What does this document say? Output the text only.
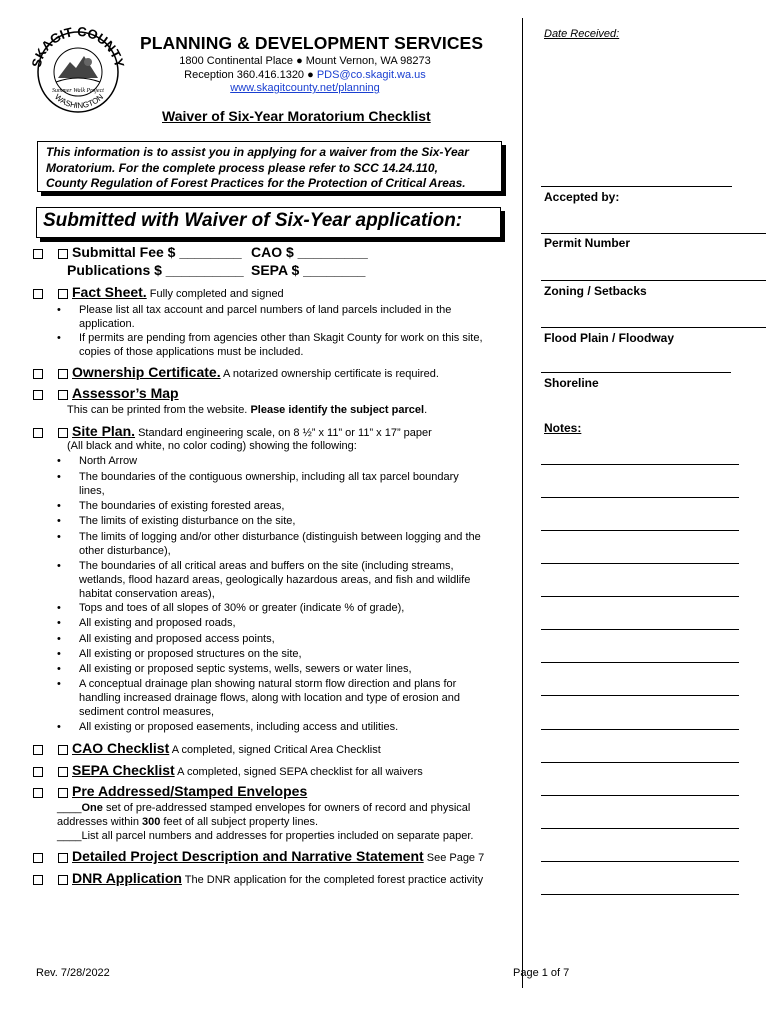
SKAGIT COUNTY
WASHINGTON
Summer Walk Project
PLANNING & DEVELOPMENT SERVICES
1800 Continental Place ● Mount Vernon, WA 98273
Reception 360.416.1320 ● PDS@co.skagit.wa.us
www.skagitcounty.net/planning
Waiver of Six-Year Moratorium Checklist
This information is to assist you in applying for a waiver from the Six-Year
Moratorium. For the complete process please refer to SCC 14.24.110,
County Regulation of Forest Practices for the Protection of Critical Areas.
Submitted with Waiver of Six-Year application:
Submittal Fee $ ________ CAO $ _________
Publications $ __________ SEPA $ ________
Fact Sheet. Fully completed and signed
• Please list all tax account and parcel numbers of land parcels included in the
application.
• If permits are pending from agencies other than Skagit County for work on this site,
copies of those applications must be included.
Ownership Certificate. A notarized ownership certificate is required.
Assessor’s Map
This can be printed from the website. Please identify the subject parcel.
Site Plan. Standard engineering scale, on 8 ½” x 11” or 11” x 17” paper
(All black and white, no color coding) showing the following:
• North Arrow
• The boundaries of the contiguous ownership, including all tax parcel boundary
lines,
• The boundaries of existing forested areas,
• The limits of existing disturbance on the site,
• The limits of logging and/or other disturbance (distinguish between logging and the
other disturbance),
• The boundaries of all critical areas and buffers on the site (including streams,
wetlands, flood hazard areas, geologically hazardous areas, and fish and wildlife
habitat conservation areas),
• Tops and toes of all slopes of 30% or greater (indicate % of grade),
• All existing and proposed roads,
• All existing and proposed access points,
• All existing or proposed structures on the site,
• All existing or proposed septic systems, wells, sewers or water lines,
• A conceptual drainage plan showing natural storm flow direction and plans for
handling increased drainage flows, along with location and type of erosion and
sediment control measures,
• All existing or proposed easements, including access and utilities.
CAO Checklist A completed, signed Critical Area Checklist
SEPA Checklist A completed, signed SEPA checklist for all waivers
Pre Addressed/Stamped Envelopes
____One set of pre-addressed stamped envelopes for owners of record and physical
addresses within 300 feet of all subject property lines.
____List all parcel numbers and addresses for properties included on separate paper.
Detailed Project Description and Narrative Statement See Page 7
DNR Application The DNR application for the completed forest practice activity
Date Received:
Accepted by:
Permit Number
Zoning / Setbacks
Flood Plain / Floodway
Shoreline
Notes:
Rev. 7/28/2022	Page 1 of 7
